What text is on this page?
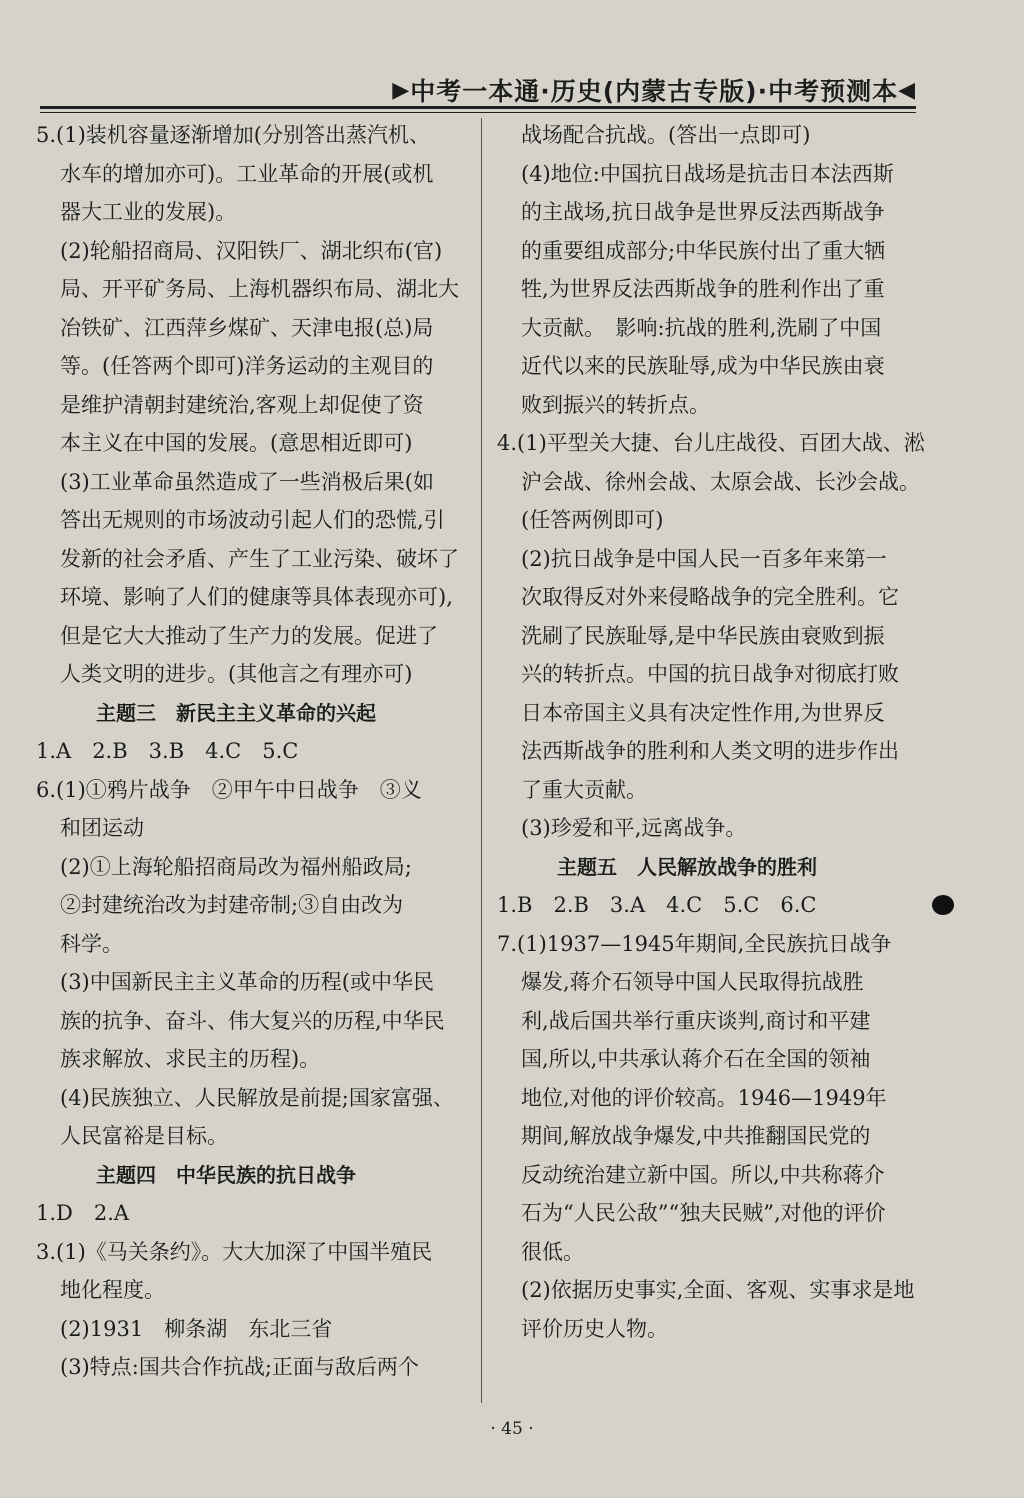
▶ 中考一本通·历史(内蒙古专版)·中考预测本 ◀
5.(1)装机容量逐渐增加(分别答出蒸汽机、
水车的增加亦可)。工业革命的开展(或机
器大工业的发展)。
(2)轮船招商局、汉阳铁厂、湖北织布(官)
局、开平矿务局、上海机器织布局、湖北大
冶铁矿、江西萍乡煤矿、天津电报(总)局
等。(任答两个即可)洋务运动的主观目的
是维护清朝封建统治,客观上却促使了资
本主义在中国的发展。(意思相近即可)
(3)工业革命虽然造成了一些消极后果(如
答出无规则的市场波动引起人们的恐慌,引
发新的社会矛盾、产生了工业污染、破坏了
环境、影响了人们的健康等具体表现亦可),
但是它大大推动了生产力的发展。促进了
人类文明的进步。(其他言之有理亦可)
主题三　新民主主义革命的兴起
1.A　2.B　3.B　4.C　5.C
6.(1)①鸦片战争　②甲午中日战争　③义
和团运动
(2)①上海轮船招商局改为福州船政局;
②封建统治改为封建帝制;③自由改为
科学。
(3)中国新民主主义革命的历程(或中华民
族的抗争、奋斗、伟大复兴的历程,中华民
族求解放、求民主的历程)。
(4)民族独立、人民解放是前提;国家富强、
人民富裕是目标。
主题四　中华民族的抗日战争
1.D　2.A
3.(1)《马关条约》。大大加深了中国半殖民
地化程度。
(2)1931　柳条湖　东北三省
(3)特点:国共合作抗战;正面与敌后两个
战场配合抗战。(答出一点即可)
(4)地位:中国抗日战场是抗击日本法西斯
的主战场,抗日战争是世界反法西斯战争
的重要组成部分;中华民族付出了重大牺
牲,为世界反法西斯战争的胜利作出了重
大贡献。　影响:抗战的胜利,洗刷了中国
近代以来的民族耻辱,成为中华民族由衰
败到振兴的转折点。
4.(1)平型关大捷、台儿庄战役、百团大战、淞
沪会战、徐州会战、太原会战、长沙会战。
(任答两例即可)
(2)抗日战争是中国人民一百多年来第一
次取得反对外来侵略战争的完全胜利。它
洗刷了民族耻辱,是中华民族由衰败到振
兴的转折点。中国的抗日战争对彻底打败
日本帝国主义具有决定性作用,为世界反
法西斯战争的胜利和人类文明的进步作出
了重大贡献。
(3)珍爱和平,远离战争。
主题五　人民解放战争的胜利
1.B　2.B　3.A　4.C　5.C　6.C
7.(1)1937—1945年期间,全民族抗日战争
爆发,蒋介石领导中国人民取得抗战胜
利,战后国共举行重庆谈判,商讨和平建
国,所以,中共承认蒋介石在全国的领袖
地位,对他的评价较高。1946—1949年
期间,解放战争爆发,中共推翻国民党的
反动统治建立新中国。所以,中共称蒋介
石为“人民公敌”“独夫民贼”,对他的评价
很低。
(2)依据历史事实,全面、客观、实事求是地
评价历史人物。
· 45 ·
